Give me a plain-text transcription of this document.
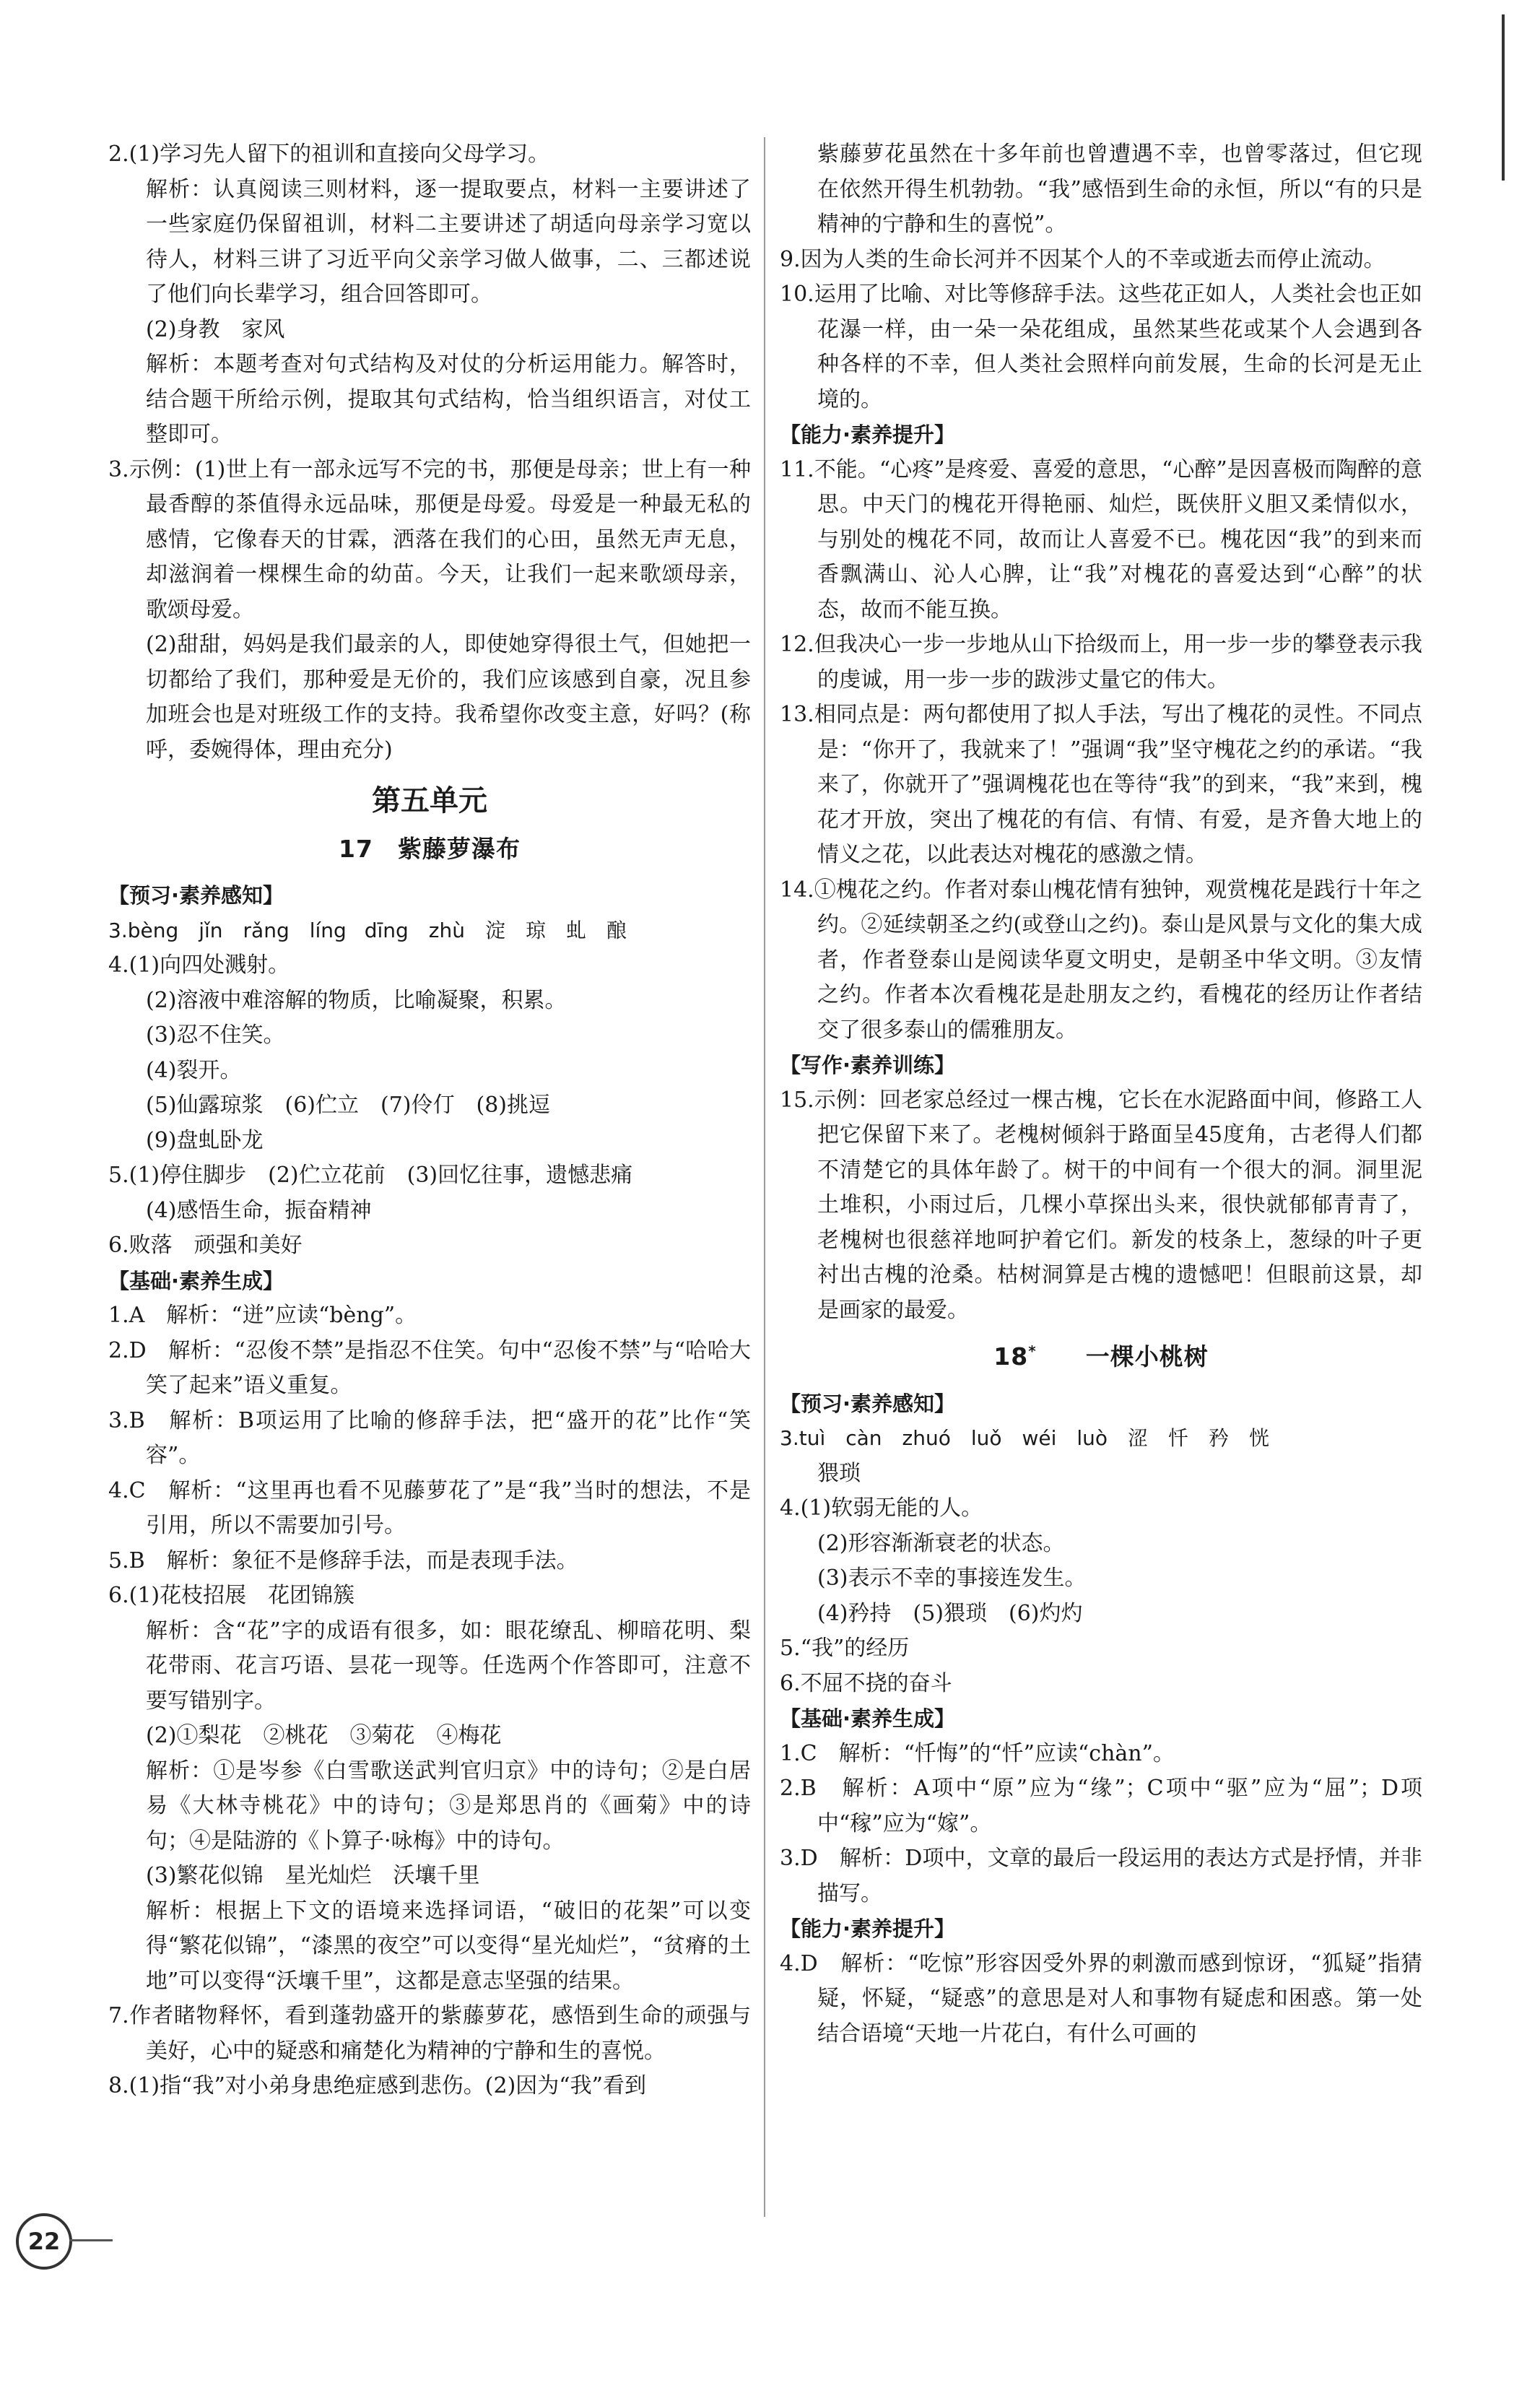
2.(1)学习先人留下的祖训和直接向父母学习。

解析：认真阅读三则材料，逐一提取要点，材料一主要讲述了一些家庭仍保留祖训，材料二主要讲述了胡适向母亲学习宽以待人，材料三讲了习近平向父亲学习做人做事，二、三都述说了他们向长辈学习，组合回答即可。

(2)身教　家风

解析：本题考查对句式结构及对仗的分析运用能力。解答时，结合题干所给示例，提取其句式结构，恰当组织语言，对仗工整即可。

3.示例：(1)世上有一部永远写不完的书，那便是母亲；世上有一种最香醇的茶值得永远品味，那便是母爱。母爱是一种最无私的感情，它像春天的甘霖，洒落在我们的心田，虽然无声无息，却滋润着一棵棵生命的幼苗。今天，让我们一起来歌颂母亲，歌颂母爱。

(2)甜甜，妈妈是我们最亲的人，即使她穿得很土气，但她把一切都给了我们，那种爱是无价的，我们应该感到自豪，况且参加班会也是对班级工作的支持。我希望你改变主意，好吗？(称呼，委婉得体，理由充分)

第五单元
17　紫藤萝瀑布

【预习·素养感知】

3.bèng　jǐn　rǎng　líng dīng　zhù　淀　琼　虬　酿

4.(1)向四处溅射。

(2)溶液中难溶解的物质，比喻凝聚，积累。

(3)忍不住笑。

(4)裂开。

(5)仙露琼浆　(6)伫立　(7)伶仃　(8)挑逗

(9)盘虬卧龙

5.(1)停住脚步　(2)伫立花前　(3)回忆往事，遗憾悲痛

(4)感悟生命，振奋精神

6.败落　顽强和美好

【基础·素养生成】

1.A　解析：“迸”应读“bèng”。

2.D　解析：“忍俊不禁”是指忍不住笑。句中“忍俊不禁”与“哈哈大笑了起来”语义重复。

3.B　解析：B项运用了比喻的修辞手法，把“盛开的花”比作“笑容”。

4.C　解析：“这里再也看不见藤萝花了”是“我”当时的想法，不是引用，所以不需要加引号。

5.B　解析：象征不是修辞手法，而是表现手法。

6.(1)花枝招展　花团锦簇

解析：含“花”字的成语有很多，如：眼花缭乱、柳暗花明、梨花带雨、花言巧语、昙花一现等。任选两个作答即可，注意不要写错别字。

(2)①梨花　②桃花　③菊花　④梅花

解析：①是岑参《白雪歌送武判官归京》中的诗句；②是白居易《大林寺桃花》中的诗句；③是郑思肖的《画菊》中的诗句；④是陆游的《卜算子·咏梅》中的诗句。

(3)繁花似锦　星光灿烂　沃壤千里

解析：根据上下文的语境来选择词语，“破旧的花架”可以变得“繁花似锦”，“漆黑的夜空”可以变得“星光灿烂”，“贫瘠的土地”可以变得“沃壤千里”，这都是意志坚强的结果。

7.作者睹物释怀，看到蓬勃盛开的紫藤萝花，感悟到生命的顽强与美好，心中的疑惑和痛楚化为精神的宁静和生的喜悦。

8.(1)指“我”对小弟身患绝症感到悲伤。(2)因为“我”看到

紫藤萝花虽然在十多年前也曾遭遇不幸，也曾零落过，但它现在依然开得生机勃勃。“我”感悟到生命的永恒，所以“有的只是精神的宁静和生的喜悦”。

9.因为人类的生命长河并不因某个人的不幸或逝去而停止流动。

10.运用了比喻、对比等修辞手法。这些花正如人，人类社会也正如花瀑一样，由一朵一朵花组成，虽然某些花或某个人会遇到各种各样的不幸，但人类社会照样向前发展，生命的长河是无止境的。

【能力·素养提升】

11.不能。“心疼”是疼爱、喜爱的意思，“心醉”是因喜极而陶醉的意思。中天门的槐花开得艳丽、灿烂，既侠肝义胆又柔情似水，与别处的槐花不同，故而让人喜爱不已。槐花因“我”的到来而香飘满山、沁人心脾，让“我”对槐花的喜爱达到“心醉”的状态，故而不能互换。

12.但我决心一步一步地从山下拾级而上，用一步一步的攀登表示我的虔诚，用一步一步的跋涉丈量它的伟大。

13.相同点是：两句都使用了拟人手法，写出了槐花的灵性。不同点是：“你开了，我就来了！”强调“我”坚守槐花之约的承诺。“我来了，你就开了”强调槐花也在等待“我”的到来，“我”来到，槐花才开放，突出了槐花的有信、有情、有爱，是齐鲁大地上的情义之花，以此表达对槐花的感激之情。

14.①槐花之约。作者对泰山槐花情有独钟，观赏槐花是践行十年之约。②延续朝圣之约(或登山之约)。泰山是风景与文化的集大成者，作者登泰山是阅读华夏文明史，是朝圣中华文明。③友情之约。作者本次看槐花是赴朋友之约，看槐花的经历让作者结交了很多泰山的儒雅朋友。

【写作·素养训练】

15.示例：回老家总经过一棵古槐，它长在水泥路面中间，修路工人把它保留下来了。老槐树倾斜于路面呈45度角，古老得人们都不清楚它的具体年龄了。树干的中间有一个很大的洞。洞里泥土堆积，小雨过后，几棵小草探出头来，很快就郁郁青青了，老槐树也很慈祥地呵护着它们。新发的枝条上，葱绿的叶子更衬出古槐的沧桑。枯树洞算是古槐的遗憾吧！但眼前这景，却是画家的最爱。

18*　　 一棵小桃树

【预习·素养感知】

3.tuì　càn　zhuó　luǒ　wéi　luò　涩　忏　矜　恍

猥琐

4.(1)软弱无能的人。

(2)形容渐渐衰老的状态。

(3)表示不幸的事接连发生。

(4)矜持　(5)猥琐　(6)灼灼

5.“我”的经历

6.不屈不挠的奋斗

【基础·素养生成】

1.C　解析：“忏悔”的“忏”应读“chàn”。

2.B　解析：A项中“原”应为“缘”；C项中“驱”应为“屈”；D项中“稼”应为“嫁”。

3.D　解析：D项中，文章的最后一段运用的表达方式是抒情，并非描写。

【能力·素养提升】

4.D　解析：“吃惊”形容因受外界的刺激而感到惊讶，“狐疑”指猜疑，怀疑，“疑惑”的意思是对人和事物有疑虑和困惑。第一处结合语境“天地一片花白，有什么可画的

22
